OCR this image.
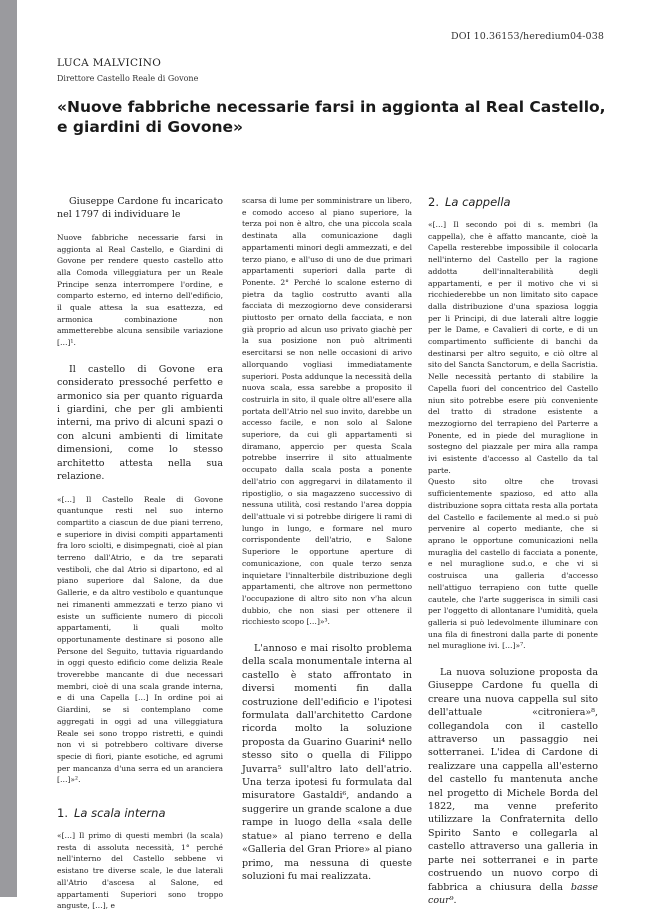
DOI 10.36153/heredium04-038
LUCA MALVICINO
Direttore Castello Reale di Govone
«Nuove fabbriche necessarie farsi in aggionta al Real Castello,
e giardini di Govone»

Giuseppe Cardone fu incaricato nel 1797 di individuare le

Nuove fabbriche necessarie farsi in aggionta al Real Castello, e Giardini di Govone per rendere questo castello atto alla Comoda villeggiatura per un Reale Principe senza interrompere l'ordine, e comparto esterno, ed interno dell'edificio, il quale attesa la sua esattezza, ed armonica combinazione non ammetterebbe alcuna sensibile variazione […]¹.

Il castello di Govone era considerato pressoché perfetto e armonico sia per quanto riguarda i giardini, che per gli ambienti interni, ma privo di alcuni spazi o con alcuni ambienti di limitate dimensioni, come lo stesso architetto attesta nella sua relazione.

«[…] Il Castello Reale di Govone quantunque resti nel suo interno compartito a ciascun de due piani terreno, e superiore in divisi compiti appartamenti fra loro sciolti, e disimpegnati, cioè al pian terreno dall'Atrio, e da tre separati vestiboli, che dal Atrio si dipartono, ed al piano superiore dal Salone, da due Gallerie, e da altro vestibolo e quantunque nei rimanenti ammezzati e terzo piano vi esiste un sufficiente numero di piccoli appartamenti, li quali molto opportunamente destinare si posono alle Persone del Seguito, tuttavia riguardando in oggi questo edificio come delizia Reale troverebbe mancante di due necessari membri, cioè di una scala grande interna, e di una Capella […] In ordine poi ai Giardini, se si contemplano come aggregati in oggi ad una villeggiatura Reale sei sono troppo ristretti, e quindi non vi si potrebbero coltivare diverse specie di fiori, piante esotiche, ed agrumi per mancanza d'una serra ed un aranciera […]»².

1. La scala interna

«[…] Il primo di questi membri (la scala) resta di assoluta necessità, 1° perché nell'interno del Castello sebbene vi esistano tre diverse scale, le due laterali all'Atrio d'ascesa al Salone, ed appartamenti Superiori sono troppo anguste, […], e

scarsa di lume per somministrare un libero, e comodo acceso al piano superiore, la terza poi non è altro, che una piccola scala destinata alla comunicazione dagli appartamenti minori degli ammezzati, e del terzo piano, e all'uso di uno de due primari appartamenti superiori dalla parte di Ponente. 2° Perché lo scalone esterno di pietra da taglio costrutto avanti alla facciata di mezzogiorno deve considerarsi piuttosto per ornato della facciata, e non già proprio ad alcun uso privato giachè per la sua posizione non può altrimenti esercitarsi se non nelle occasioni di arivo allorquando vogliasi immediatamente superiori. Posta addunque la necessità della nuova scala, essa sarebbe a proposito il costruirla in sito, il quale oltre all'esere alla portata dell'Atrio nel suo invito, darebbe un accesso facile, e non solo al Salone superiore, da cui gli appartamenti si diramano, appercio per questa Scala potrebbe inserrire il sito attualmente occupato dalla scala posta a ponente dell'atrio con aggregarvi in dilatamento il ripostiglio, o sia magazzeno successivo di nessuna utilità, cosi restando l'area doppia dell'attuale vi si potrebbe dirigere li rami di lungo in lungo, e formare nel muro corrispondente dell'atrio, e Salone Superiore le opportune aperture di comunicazione, con quale terzo senza inquietare l'innalterbile distribuzione degli appartamenti, che altrove non permettono l'occupazione di altro sito non v'ha alcun dubbio, che non siasi per ottenere il ricchiesto scopo […]»³.

L'annoso e mai risolto problema della scala monumentale interna al castello è stato affrontato in diversi momenti fin dalla costruzione dell'edificio e l'ipotesi formulata dall'architetto Cardone ricorda molto la soluzione proposta da Guarino Guarini⁴ nello stesso sito o quella di Filippo Juvarra⁵ sull'altro lato dell'atrio. Una terza ipotesi fu formulata dal misuratore Gastaldi⁶, andando a suggerire un grande scalone a due rampe in luogo della «sala delle statue» al piano terreno e della «Galleria del Gran Priore» al piano primo, ma nessuna di queste soluzioni fu mai realizzata.

2. La cappella

«[…] Il secondo poi di s. membri (la cappella), che è affatto mancante, cioè la Capella resterebbe impossibile il colocarla nell'interno del Castello per la ragione addotta dell'innalterabilità degli appartamenti, e per il motivo che vi si ricchiederebbe un non limitato sito capace dalla distribuzione d'una spaziosa loggia per li Principi, di due laterali altre loggie per le Dame, e Cavalieri di corte, e di un compartimento sufficiente di banchi da destinarsi per altro seguito, e ciò oltre al sito del Sancta Sanctorum, e della Sacristia.

Nelle necessità pertanto di stabilire la Capella fuori del concentrico del Castello niun sito potrebbe esere più conveniente del tratto di stradone esistente a mezzogiorno del terrapieno del Parterre a Ponente, ed in piede del muraglione in sostegno del piazzale per mira alla rampa ivi esistente d'accesso al Castello da tal parte.

Questo sito oltre che trovasi sufficientemente spazioso, ed atto alla distribuzione sopra cittata resta alla portata del Castello e facilemente al med.o si può pervenire al coperto mediante, che si aprano le opportune comunicazioni nella muraglia del castello di facciata a ponente, e nel muraglione sud.o, e che vi si costruisca una galleria d'accesso nell'attiguo terrapieno con tutte quelle cautele, che l'arte suggerisca in simili casi per l'oggetto di allontanare l'umidità, quela galleria si può ledevolmente illuminare con una fila di finestroni dalla parte di ponente nel muraglione ivi. […]»⁷.

La nuova soluzione proposta da Giuseppe Cardone fu quella di creare una nuova cappella sul sito dell'attuale «citroniera»⁸, collegandola con il castello attraverso un passaggio nei sotterranei. L'idea di Cardone di realizzare una cappella all'esterno del castello fu mantenuta anche nel progetto di Michele Borda del 1822, ma venne preferito utilizzare la Confraternita dello Spirito Santo e collegarla al castello attraverso una galleria in parte nei sotterranei e in parte costruendo un nuovo corpo di fabbrica a chiusura della basse cour⁹.
